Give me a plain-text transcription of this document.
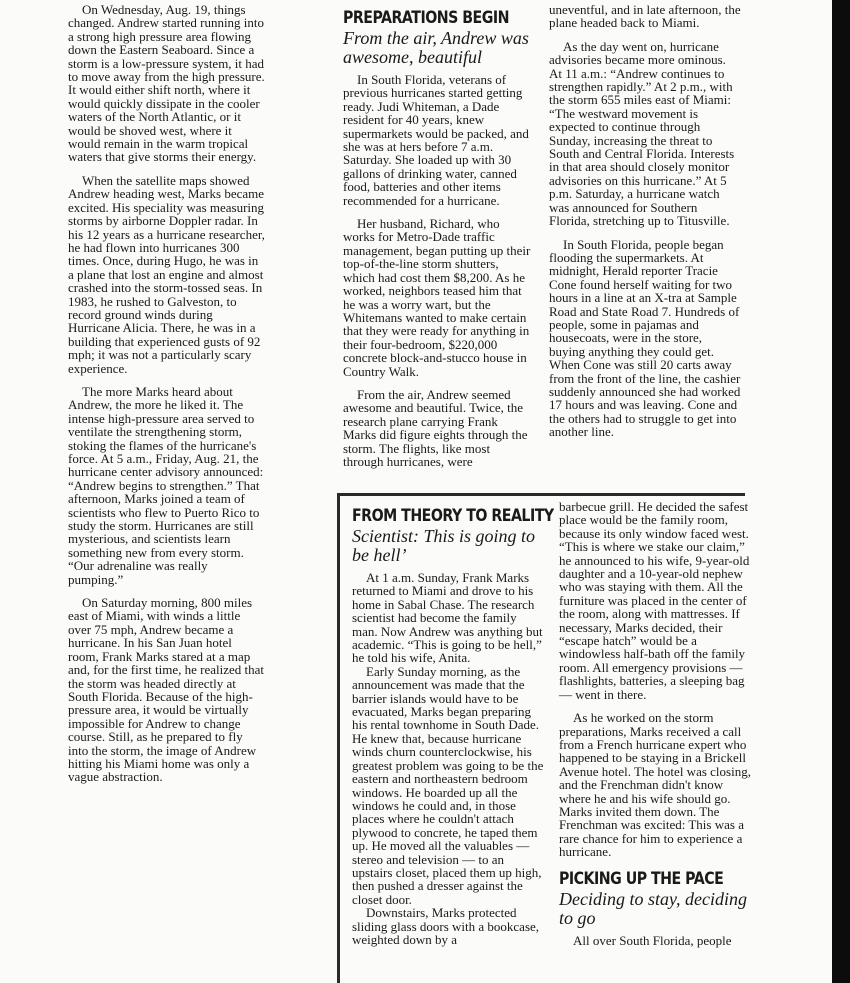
On Wednesday, Aug. 19, things changed. Andrew started running into a strong high pressure area flowing down the Eastern Seaboard. Since a storm is a low-pressure system, it had to move away from the high pressure. It would either shift north, where it would quickly dissipate in the cooler waters of the North Atlantic, or it would be shoved west, where it would remain in the warm tropical waters that give storms their energy.

When the satellite maps showed Andrew heading west, Marks became excited. His speciality was measuring storms by airborne Doppler radar. In his 12 years as a hurricane researcher, he had flown into hurricanes 300 times. Once, during Hugo, he was in a plane that lost an engine and almost crashed into the storm-tossed seas. In 1983, he rushed to Galveston, to record ground winds during Hurricane Alicia. There, he was in a building that experienced gusts of 92 mph; it was not a particularly scary experience.

The more Marks heard about Andrew, the more he liked it. The intense high-pressure area served to ventilate the strengthening storm, stoking the flames of the hurricane's force. At 5 a.m., Friday, Aug. 21, the hurricane center advisory announced: “Andrew begins to strengthen.” That afternoon, Marks joined a team of scientists who flew to Puerto Rico to study the storm. Hurricanes are still mysterious, and scientists learn something new from every storm. “Our adrenaline was really pumping.”

On Saturday morning, 800 miles east of Miami, with winds a little over 75 mph, Andrew became a hurricane. In his San Juan hotel room, Frank Marks stared at a map and, for the first time, he realized that the storm was headed directly at South Florida. Because of the high-pressure area, it would be virtually impossible for Andrew to change course. Still, as he prepared to fly into the storm, the image of Andrew hitting his Miami home was only a vague abstraction.

PREPARATIONS BEGIN
From the air, Andrew was awesome, beautiful

In South Florida, veterans of previous hurricanes started getting ready. Judi Whiteman, a Dade resident for 40 years, knew supermarkets would be packed, and she was at hers before 7 a.m. Saturday. She loaded up with 30 gallons of drinking water, canned food, batteries and other items recommended for a hurricane.

Her husband, Richard, who works for Metro-Dade traffic management, began putting up their top-of-the-line storm shutters, which had cost them $8,200. As he worked, neighbors teased him that he was a worry wart, but the Whitemans wanted to make certain that they were ready for anything in their four-bedroom, $220,000 concrete block-and-stucco house in Country Walk.

From the air, Andrew seemed awesome and beautiful. Twice, the research plane carrying Frank Marks did figure eights through the storm. The flights, like most through hurricanes, were

uneventful, and in late afternoon, the plane headed back to Miami.

As the day went on, hurricane advisories became more ominous. At 11 a.m.: “Andrew continues to strengthen rapidly.” At 2 p.m., with the storm 655 miles east of Miami: “The westward movement is expected to continue through Sunday, increasing the threat to South and Central Florida. Interests in that area should closely monitor advisories on this hurricane.” At 5 p.m. Saturday, a hurricane watch was announced for Southern Florida, stretching up to Titusville.

In South Florida, people began flooding the supermarkets. At midnight, Herald reporter Tracie Cone found herself waiting for two hours in a line at an X-tra at Sample Road and State Road 7. Hundreds of people, some in pajamas and housecoats, were in the store, buying anything they could get. When Cone was still 20 carts away from the front of the line, the cashier suddenly announced she had worked 17 hours and was leaving. Cone and the others had to struggle to get into another line.

FROM THEORY TO REALITY
Scientist: This is going to be hell’

At 1 a.m. Sunday, Frank Marks returned to Miami and drove to his home in Sabal Chase. The research scientist had become the family man. Now Andrew was anything but academic. “This is going to be hell,” he told his wife, Anita.

Early Sunday morning, as the announcement was made that the barrier islands would have to be evacuated, Marks began preparing his rental townhome in South Dade. He knew that, because hurricane winds churn counterclockwise, his greatest problem was going to be the eastern and northeastern bedroom windows. He boarded up all the windows he could and, in those places where he couldn't attach plywood to concrete, he taped them up. He moved all the valuables — stereo and television — to an upstairs closet, placed them up high, then pushed a dresser against the closet door.

Downstairs, Marks protected sliding glass doors with a bookcase, weighted down by a

barbecue grill. He decided the safest place would be the family room, because its only window faced west. “This is where we stake our claim,” he announced to his wife, 9-year-old daughter and a 10-year-old nephew who was staying with them. All the furniture was placed in the center of the room, along with mattresses. If necessary, Marks decided, their “escape hatch” would be a windowless half-bath off the family room. All emergency provisions — flashlights, batteries, a sleeping bag — went in there.

As he worked on the storm preparations, Marks received a call from a French hurricane expert who happened to be staying in a Brickell Avenue hotel. The hotel was closing, and the Frenchman didn't know where he and his wife should go. Marks invited them down. The Frenchman was excited: This was a rare chance for him to experience a hurricane.

PICKING UP THE PACE
Deciding to stay, deciding to go

All over South Florida, people
